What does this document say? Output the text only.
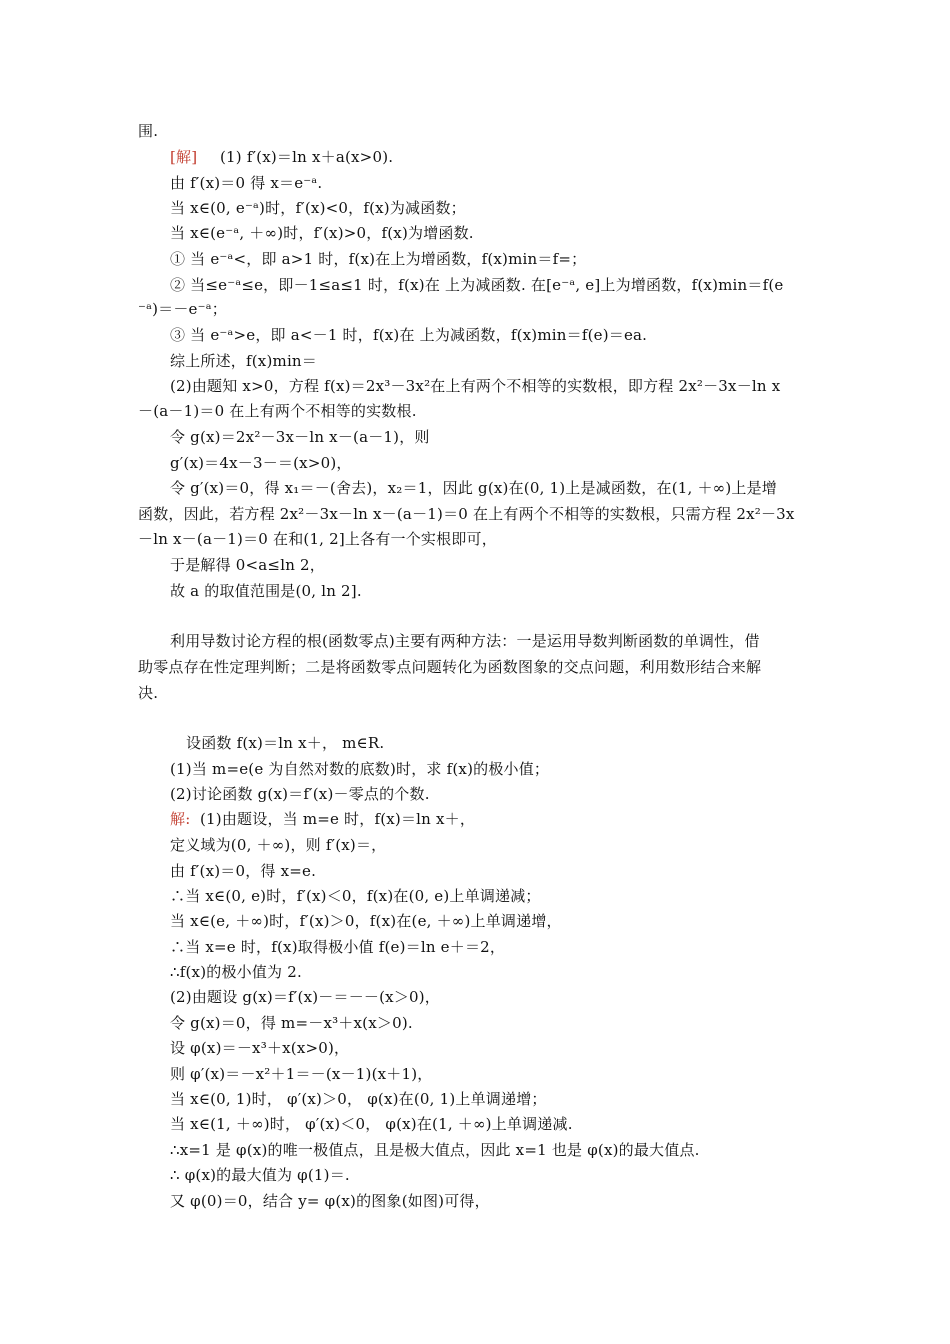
围.
[解] (1) f′(x)＝ln x＋a(x>0).
由 f′(x)＝0 得 x＝e⁻ᵃ.
当 x∈(0, e⁻ᵃ)时，f′(x)<0，f(x)为减函数；
当 x∈(e⁻ᵃ, ＋∞)时，f′(x)>0，f(x)为增函数.
① 当 e⁻ᵃ<，即 a>1 时，f(x)在上为增函数，f(x)min＝f=；
② 当≤e⁻ᵃ≤e，即－1≤a≤1 时，f(x)在 上为减函数. 在[e⁻ᵃ, e]上为增函数，f(x)min＝f(e
⁻ᵃ)＝－e⁻ᵃ；
③ 当 e⁻ᵃ>e，即 a<－1 时，f(x)在 上为减函数，f(x)min＝f(e)＝ea.
综上所述，f(x)min＝
(2)由题知 x>0，方程 f(x)＝2x³－3x²在上有两个不相等的实数根，即方程 2x²－3x－ln x
－(a－1)＝0 在上有两个不相等的实数根.
令 g(x)＝2x²－3x－ln x－(a－1)，则
g′(x)＝4x－3－＝(x>0)，
令 g′(x)＝0，得 x₁＝－(舍去)，x₂＝1，因此 g(x)在(0, 1)上是减函数，在(1, ＋∞)上是增
函数，因此，若方程 2x²－3x－ln x－(a－1)＝0 在上有两个不相等的实数根，只需方程 2x²－3x
－ln x－(a－1)＝0 在和(1, 2]上各有一个实根即可，
于是解得 0<a≤ln 2，
故 a 的取值范围是(0, ln 2].
利用导数讨论方程的根(函数零点)主要有两种方法：一是运用导数判断函数的单调性，借
助零点存在性定理判断；二是将函数零点问题转化为函数图象的交点问题，利用数形结合来解
决.
设函数 f(x)＝ln x＋， m∈R.
(1)当 m=e(e 为自然对数的底数)时，求 f(x)的极小值；
(2)讨论函数 g(x)＝f′(x)－零点的个数.
解: (1)由题设，当 m=e 时，f(x)＝ln x＋，
定义域为(0, ＋∞)，则 f′(x)＝，
由 f′(x)＝0，得 x=e.
∴当 x∈(0, e)时，f′(x)＜0，f(x)在(0, e)上单调递减；
当 x∈(e, ＋∞)时，f′(x)＞0，f(x)在(e, ＋∞)上单调递增，
∴当 x=e 时，f(x)取得极小值 f(e)＝ln e＋＝2，
∴f(x)的极小值为 2.
(2)由题设 g(x)＝f′(x)－＝－－(x＞0)，
令 g(x)＝0，得 m=－x³＋x(x＞0).
设 φ(x)＝－x³＋x(x>0)，
则 φ′(x)＝－x²＋1＝－(x－1)(x＋1)，
当 x∈(0, 1)时， φ′(x)＞0， φ(x)在(0, 1)上单调递增；
当 x∈(1, ＋∞)时， φ′(x)＜0， φ(x)在(1, ＋∞)上单调递减.
∴x=1 是 φ(x)的唯一极值点，且是极大值点，因此 x=1 也是 φ(x)的最大值点.
∴ φ(x)的最大值为 φ(1)＝.
又 φ(0)＝0，结合 y= φ(x)的图象(如图)可得，
